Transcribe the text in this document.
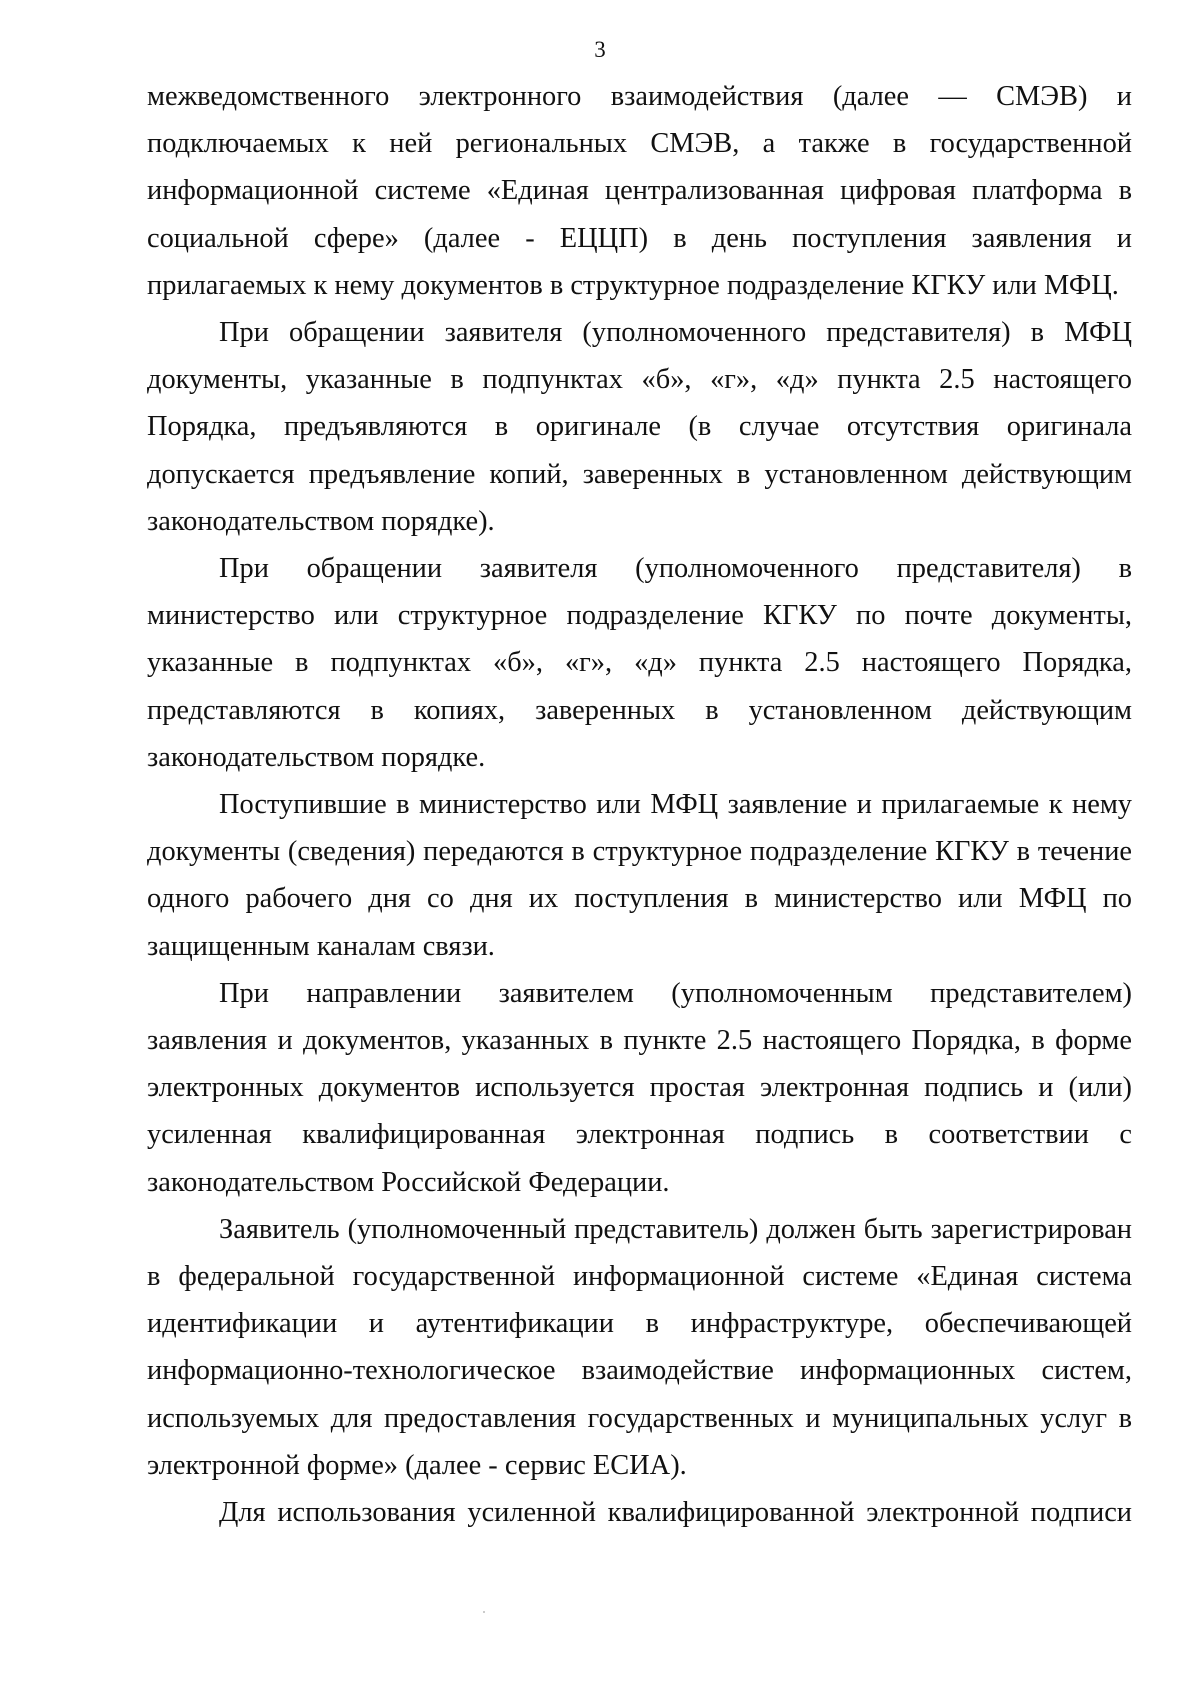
3

межведомственного электронного взаимодействия (далее — СМЭВ) и подключаемых к ней региональных СМЭВ, а также в государственной информационной системе «Единая централизованная цифровая платформа в социальной сфере» (далее - ЕЦЦП) в день поступления заявления и прилагаемых к нему документов в структурное подразделение КГКУ или МФЦ.

При обращении заявителя (уполномоченного представителя) в МФЦ документы, указанные в подпунктах «б», «г», «д» пункта 2.5 настоящего Порядка, предъявляются в оригинале (в случае отсутствия оригинала допускается предъявление копий, заверенных в установленном действующим законодательством порядке).

При обращении заявителя (уполномоченного представителя) в министерство или структурное подразделение КГКУ по почте документы, указанные в подпунктах «б», «г», «д» пункта 2.5 настоящего Порядка, представляются в копиях, заверенных в установленном действующим законодательством порядке.

Поступившие в министерство или МФЦ заявление и прилагаемые к нему документы (сведения) передаются в структурное подразделение КГКУ в течение одного рабочего дня со дня их поступления в министерство или МФЦ по защищенным каналам связи.

При направлении заявителем (уполномоченным представителем) заявления и документов, указанных в пункте 2.5 настоящего Порядка, в форме электронных документов используется простая электронная подпись и (или) усиленная квалифицированная электронная подпись в соответствии с законодательством Российской Федерации.

Заявитель (уполномоченный представитель) должен быть зарегистрирован в федеральной государственной информационной системе «Единая система идентификации и аутентификации в инфраструктуре, обеспечивающей информационно-технологическое взаимодействие информационных систем, используемых для предоставления государственных и муниципальных услуг в электронной форме» (далее - сервис ЕСИА).

Для использования усиленной квалифицированной электронной подписи
